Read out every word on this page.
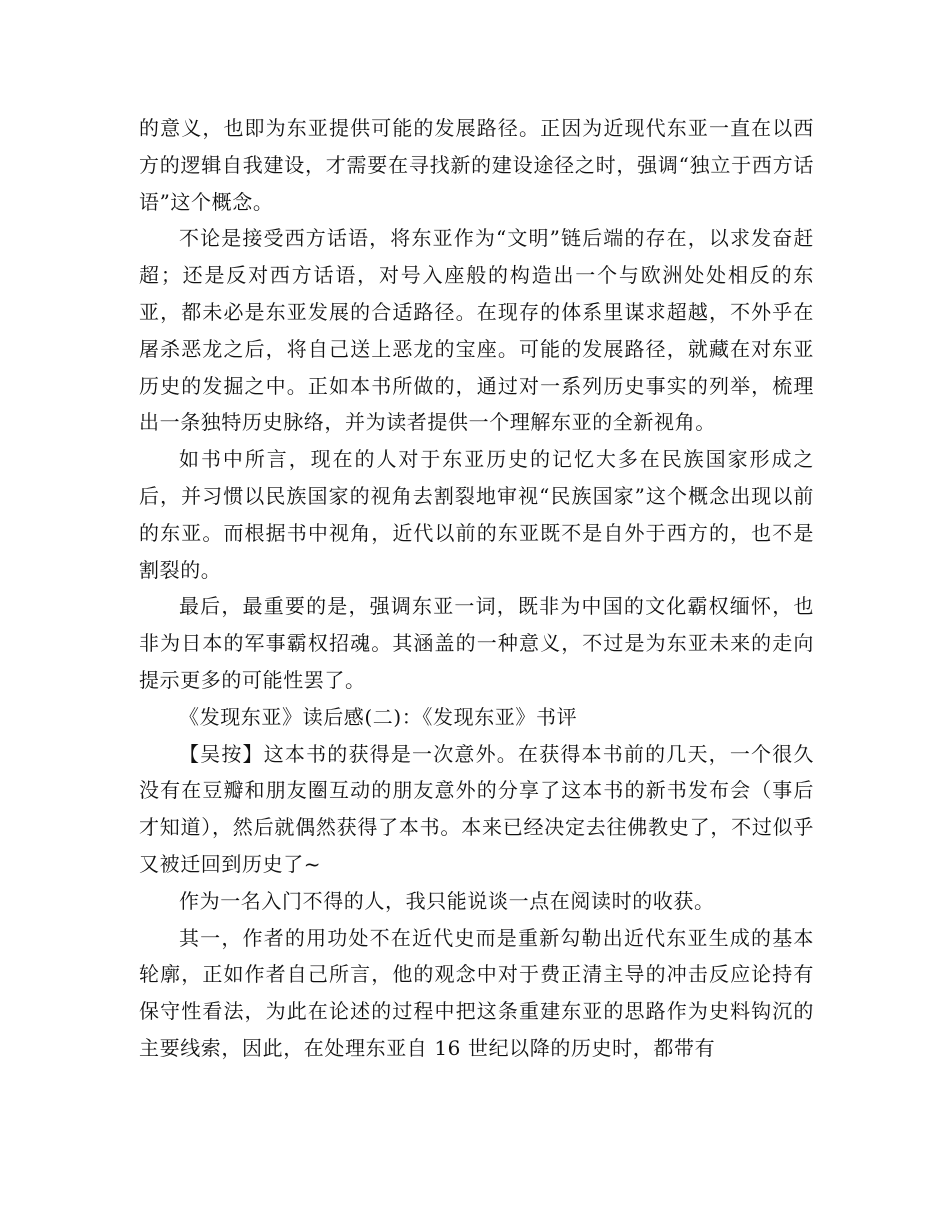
的意义，也即为东亚提供可能的发展路径。正因为近现代东亚一直在以西方的逻辑自我建设，才需要在寻找新的建设途径之时，强调“独立于西方话语”这个概念。

不论是接受西方话语，将东亚作为“文明”链后端的存在，以求发奋赶超；还是反对西方话语，对号入座般的构造出一个与欧洲处处相反的东亚，都未必是东亚发展的合适路径。在现存的体系里谋求超越，不外乎在屠杀恶龙之后，将自己送上恶龙的宝座。可能的发展路径，就藏在对东亚历史的发掘之中。正如本书所做的，通过对一系列历史事实的列举，梳理出一条独特历史脉络，并为读者提供一个理解东亚的全新视角。

如书中所言，现在的人对于东亚历史的记忆大多在民族国家形成之后，并习惯以民族国家的视角去割裂地审视“民族国家”这个概念出现以前的东亚。而根据书中视角，近代以前的东亚既不是自外于西方的，也不是割裂的。

最后，最重要的是，强调东亚一词，既非为中国的文化霸权缅怀，也非为日本的军事霸权招魂。其涵盖的一种意义，不过是为东亚未来的走向提示更多的可能性罢了。

《发现东亚》读后感(二)：《发现东亚》书评

【吴按】这本书的获得是一次意外。在获得本书前的几天，一个很久没有在豆瓣和朋友圈互动的朋友意外的分享了这本书的新书发布会（事后才知道），然后就偶然获得了本书。本来已经决定去往佛教史了，不过似乎又被迁回到历史了~

作为一名入门不得的人，我只能说谈一点在阅读时的收获。

其一，作者的用功处不在近代史而是重新勾勒出近代东亚生成的基本轮廓，正如作者自己所言，他的观念中对于费正清主导的冲击反应论持有保守性看法，为此在论述的过程中把这条重建东亚的思路作为史料钩沉的主要线索，因此，在处理东亚自 16 世纪以降的历史时，都带有
